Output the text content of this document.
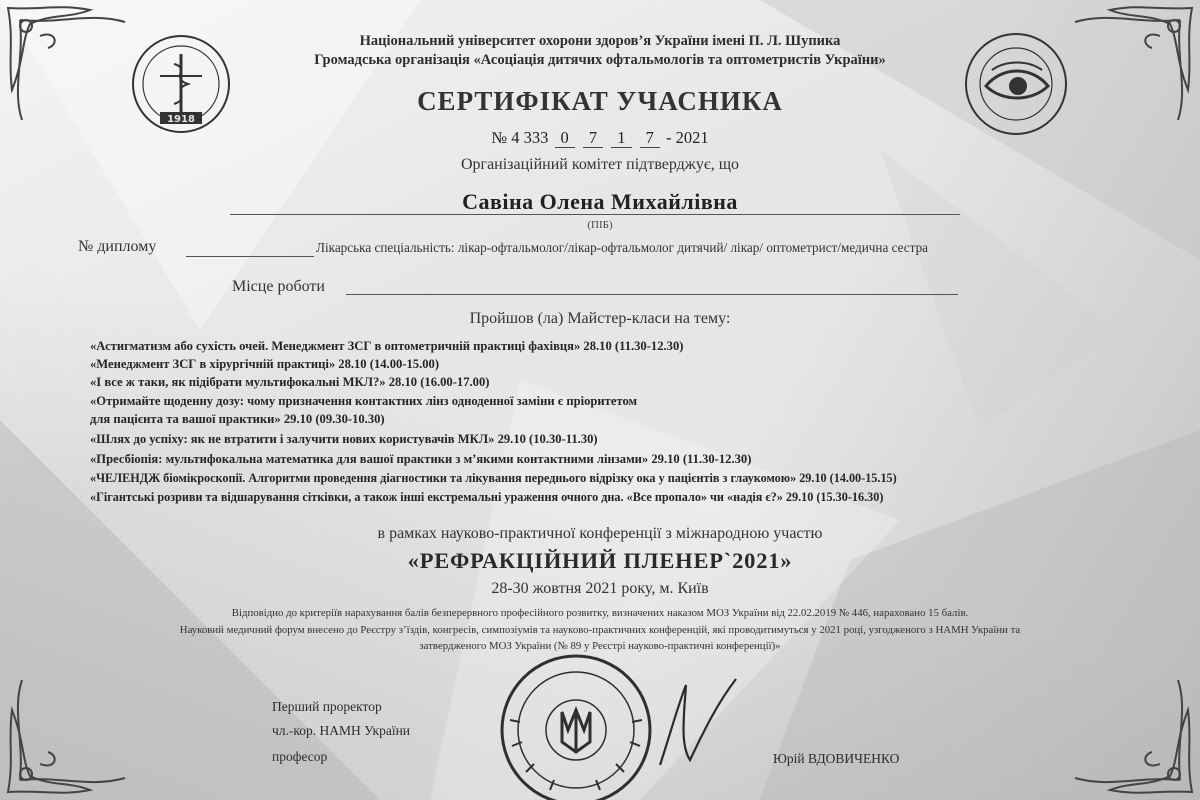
1918
Національний університет охорони здоров’я України імені П. Л. Шупика
Громадська організація «Асоціація дитячих офтальмологів та оптометристів України»
СЕРТИФІКАТ УЧАСНИКА
№ 4 333 0 7 1 7 - 2021
Організаційний комітет підтверджує, що
Савіна Олена Михайлівна
(ПІБ)
№ диплому	Лікарська спеціальність: лікар-офтальмолог/лікар-офтальмолог дитячий/ лікар/ оптометрист/медична сестра
Місце роботи
Пройшов (ла) Майстер-класи на тему:
«Астигматизм або сухість очей. Менеджмент ЗСГ в оптометричній практиці фахівця» 28.10 (11.30-12.30)
«Менеджмент ЗСГ в хірургічній практиці» 28.10 (14.00-15.00)
«І все ж таки, як підібрати мультифокальні МКЛ?» 28.10 (16.00-17.00)
«Отримайте щоденну дозу: чому призначення контактних лінз одноденної заміни є пріоритетом
для пацієнта та вашої практики» 29.10 (09.30-10.30)
«Шлях до успіху: як не втратити і залучити нових користувачів МКЛ» 29.10 (10.30-11.30)
«Пресбіопія: мультифокальна математика для вашої практики з м’якими контактними лінзами» 29.10 (11.30-12.30)
«ЧЕЛЕНДЖ біомікроскопії. Алгоритми проведення діагностики та лікування переднього відрізку ока у пацієнтів з глаукомою» 29.10 (14.00-15.15)
«Гігантські розриви та відшарування сітківки, а також інші екстремальні ураження очного дна. «Все пропало» чи «надія є?» 29.10 (15.30-16.30)
в рамках науково-практичної конференції з міжнародною участю
«РЕФРАКЦІЙНИЙ ПЛЕНЕР`2021»
28-30 жовтня 2021 року, м. Київ
Відповідно до критеріїв нарахування балів безперервного професійного розвитку, визначених наказом МОЗ України від 22.02.2019 № 446, нараховано 15 балів.
Науковий медичний форум внесено до Реєстру з’їздів, конгресів, симпозіумів та науково-практичних конференцій, які проводитимуться у 2021 році, узгодженого з НАМН України та
затвердженого МОЗ України (№ 89 у Реєстрі науково-практичні конференції)»
Перший проректор
чл.-кор. НАМН України
професор	Юрій ВДОВИЧЕНКО
